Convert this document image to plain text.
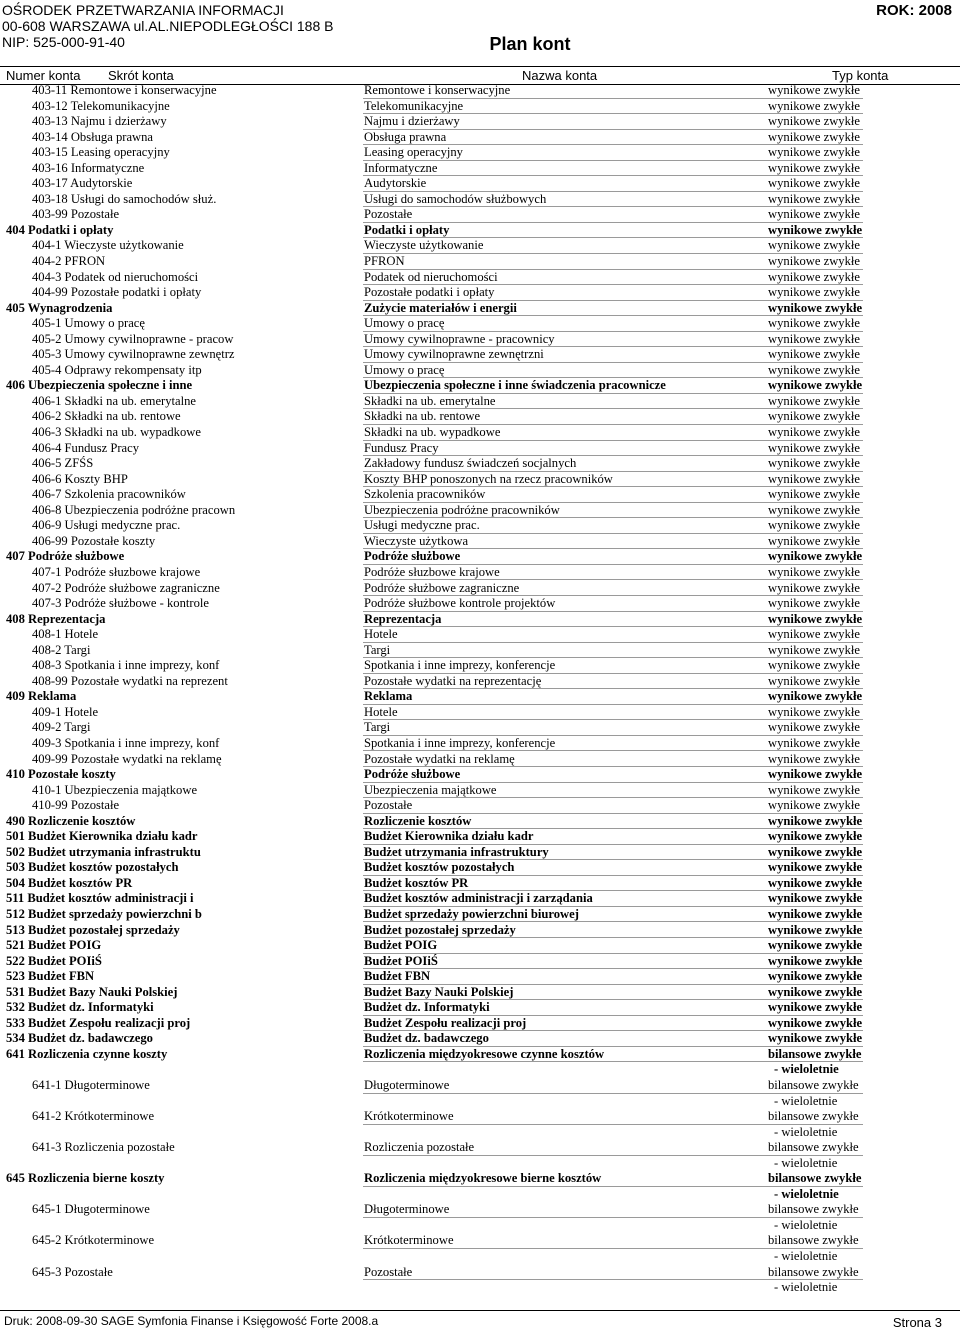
OŚRODEK PRZETWARZANIA INFORMACJI
00-608 WARSZAWA ul.AL.NIEPODLEGŁOŚCI 188 B
NIP: 525-000-91-40
ROK: 2008
Plan kont
Numer konta Skrót konta	Nazwa konta	Typ konta
403-11 Remontowe i konserwacyjne	Remontowe i konserwacyjne	wynikowe zwykłe
403-12 Telekomunikacyjne	Telekomunikacyjne	wynikowe zwykłe
403-13 Najmu i dzierżawy	Najmu i dzierżawy	wynikowe zwykłe
403-14 Obsługa prawna	Obsługa prawna	wynikowe zwykłe
403-15 Leasing operacyjny	Leasing operacyjny	wynikowe zwykłe
403-16 Informatyczne	Informatyczne	wynikowe zwykłe
403-17 Audytorskie	Audytorskie	wynikowe zwykłe
403-18 Usługi do samochodów służ.	Usługi do samochodów służbowych	wynikowe zwykłe
403-99 Pozostałe	Pozostałe	wynikowe zwykłe
404 Podatki i opłaty	Podatki i opłaty	wynikowe zwykłe
404-1 Wieczyste użytkowanie	Wieczyste użytkowanie	wynikowe zwykłe
404-2 PFRON	PFRON	wynikowe zwykłe
404-3 Podatek od nieruchomości	Podatek od nieruchomości	wynikowe zwykłe
404-99 Pozostałe podatki i opłaty	Pozostałe podatki i opłaty	wynikowe zwykłe
405 Wynagrodzenia	Zużycie materiałów i energii	wynikowe zwykłe
405-1 Umowy o pracę	Umowy o pracę	wynikowe zwykłe
405-2 Umowy cywilnoprawne - pracow	Umowy cywilnoprawne - pracownicy	wynikowe zwykłe
405-3 Umowy cywilnoprawne zewnętrz	Umowy cywilnoprawne zewnętrzni	wynikowe zwykłe
405-4 Odprawy rekompensaty itp	Umowy o pracę	wynikowe zwykłe
406 Ubezpieczenia społeczne i inne	Ubezpieczenia społeczne i inne świadczenia pracownicze	wynikowe zwykłe
406-1 Składki na ub. emerytalne	Składki na ub. emerytalne	wynikowe zwykłe
406-2 Składki na ub. rentowe	Składki na ub. rentowe	wynikowe zwykłe
406-3 Składki na ub. wypadkowe	Składki na ub. wypadkowe	wynikowe zwykłe
406-4 Fundusz Pracy	Fundusz Pracy	wynikowe zwykłe
406-5 ZFŚS	Zakładowy fundusz świadczeń socjalnych	wynikowe zwykłe
406-6 Koszty BHP	Koszty BHP ponoszonych na rzecz pracowników	wynikowe zwykłe
406-7 Szkolenia pracowników	Szkolenia pracowników	wynikowe zwykłe
406-8 Ubezpieczenia podróżne pracown	Ubezpieczenia podróżne pracowników	wynikowe zwykłe
406-9 Usługi medyczne prac.	Usługi medyczne prac.	wynikowe zwykłe
406-99 Pozostałe koszty	Wieczyste użytkowa	wynikowe zwykłe
407 Podróże służbowe	Podróże służbowe	wynikowe zwykłe
407-1 Podróże słuzbowe krajowe	Podróże słuzbowe krajowe	wynikowe zwykłe
407-2 Podróże służbowe zagraniczne	Podróże służbowe zagraniczne	wynikowe zwykłe
407-3 Podróże służbowe - kontrole	Podróże służbowe kontrole projektów	wynikowe zwykłe
408 Reprezentacja	Reprezentacja	wynikowe zwykłe
408-1 Hotele	Hotele	wynikowe zwykłe
408-2 Targi	Targi	wynikowe zwykłe
408-3 Spotkania i inne imprezy, konf	Spotkania i inne imprezy, konferencje	wynikowe zwykłe
408-99 Pozostałe wydatki na reprezent	Pozostałe wydatki na reprezentację	wynikowe zwykłe
409 Reklama	Reklama	wynikowe zwykłe
409-1 Hotele	Hotele	wynikowe zwykłe
409-2 Targi	Targi	wynikowe zwykłe
409-3 Spotkania i inne imprezy, konf	Spotkania i inne imprezy, konferencje	wynikowe zwykłe
409-99 Pozostałe wydatki na reklamę	Pozostałe wydatki na reklamę	wynikowe zwykłe
410 Pozostałe koszty	Podróże służbowe	wynikowe zwykłe
410-1 Ubezpieczenia majątkowe	Ubezpieczenia majątkowe	wynikowe zwykłe
410-99 Pozostałe	Pozostałe	wynikowe zwykłe
490 Rozliczenie kosztów	Rozliczenie kosztów	wynikowe zwykłe
501 Budżet Kierownika działu kadr	Budżet Kierownika działu kadr	wynikowe zwykłe
502 Budżet utrzymania infrastruktu	Budżet utrzymania infrastruktury	wynikowe zwykłe
503 Budżet kosztów pozostałych	Budżet kosztów pozostałych	wynikowe zwykłe
504 Budżet kosztów PR	Budżet kosztów PR	wynikowe zwykłe
511 Budżet kosztów administracji i	Budżet kosztów administracji i zarządania	wynikowe zwykłe
512 Budżet sprzedaży powierzchni b	Budżet sprzedaży powierzchni biurowej	wynikowe zwykłe
513 Budżet pozostałej sprzedaży	Budżet pozostałej sprzedaży	wynikowe zwykłe
521 Budżet POIG	Budżet POIG	wynikowe zwykłe
522 Budżet POIiŚ	Budżet POIiŚ	wynikowe zwykłe
523 Budżet FBN	Budżet FBN	wynikowe zwykłe
531 Budżet Bazy Nauki Polskiej	Budżet Bazy Nauki Polskiej	wynikowe zwykłe
532 Budżet dz. Informatyki	Budżet dz. Informatyki	wynikowe zwykłe
533 Budżet Zespołu realizacji proj	Budżet Zespołu realizacji proj	wynikowe zwykłe
534 Budżet dz. badawczego	Budżet dz. badawczego	wynikowe zwykłe
641 Rozliczenia czynne koszty	Rozliczenia międzyokresowe czynne kosztów	bilansowe zwykłe
- wieloletnie
641-1 Długoterminowe	Długoterminowe	bilansowe zwykłe
- wieloletnie
641-2 Krótkoterminowe	Krótkoterminowe	bilansowe zwykłe
- wieloletnie
641-3 Rozliczenia pozostałe	Rozliczenia pozostałe	bilansowe zwykłe
- wieloletnie
645 Rozliczenia bierne koszty	Rozliczenia międzyokresowe bierne kosztów	bilansowe zwykłe
- wieloletnie
645-1 Długoterminowe	Długoterminowe	bilansowe zwykłe
- wieloletnie
645-2 Krótkoterminowe	Krótkoterminowe	bilansowe zwykłe
- wieloletnie
645-3 Pozostałe	Pozostałe	bilansowe zwykłe
- wieloletnie
Druk: 2008-09-30 SAGE Symfonia Finanse i Księgowość Forte 2008.a	Strona 3
